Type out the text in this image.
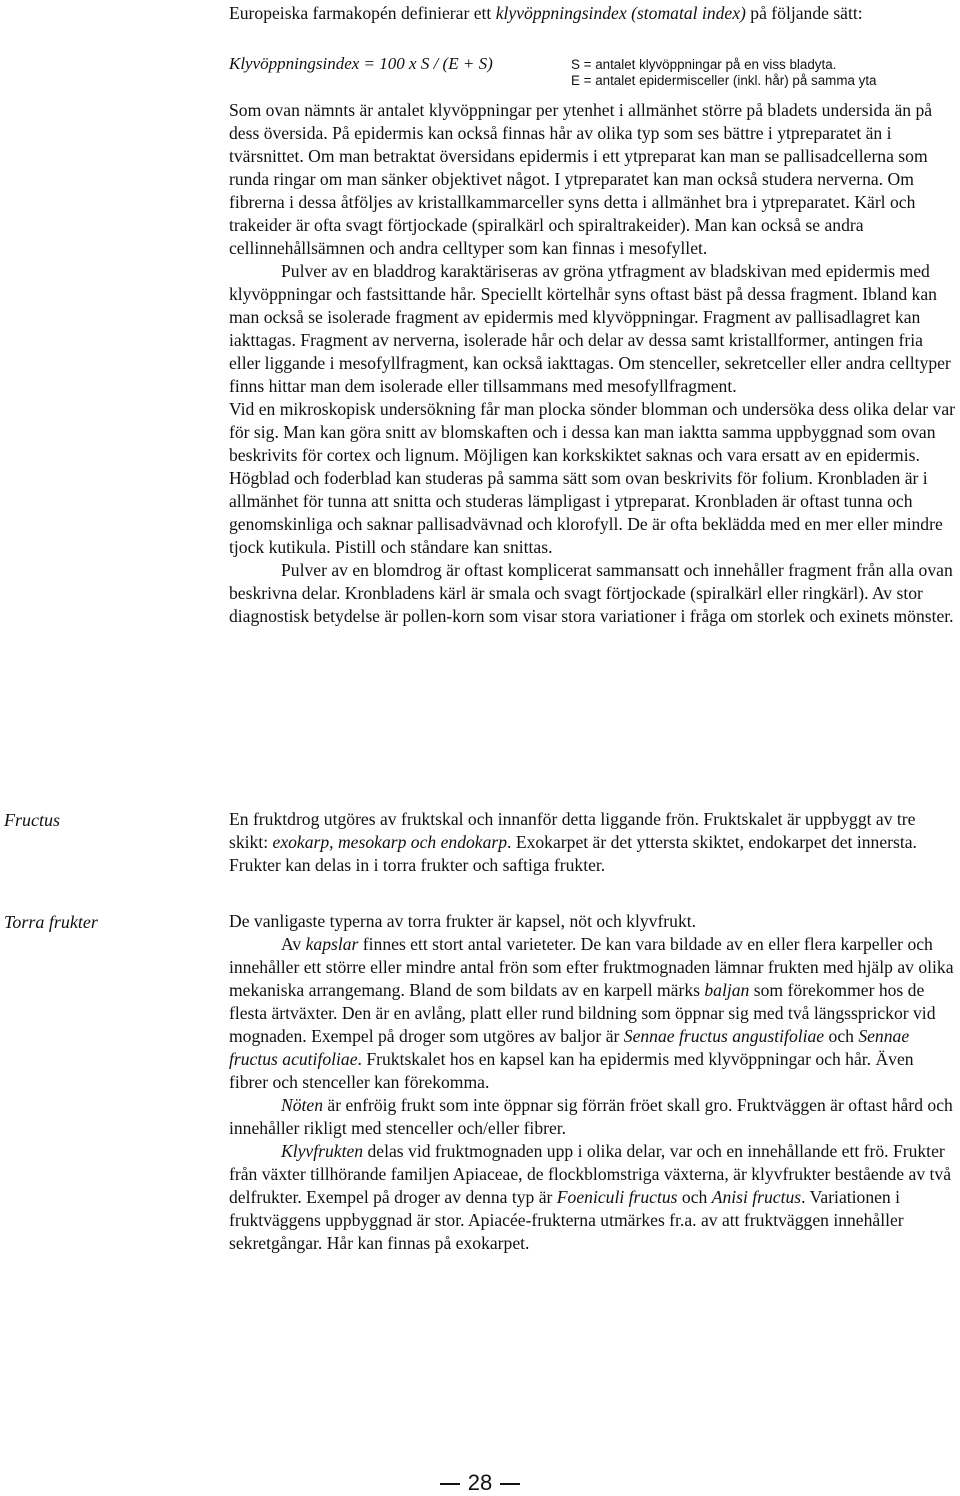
Europeiska farmakopén definierar ett klyvöppningsindex (stomatal index) på följande sätt:

Klyvöppningsindex = 100 x S / (E + S)	S = antalet klyvöppningar på en viss bladyta.
E = antalet epidermisceller (inkl. hår) på samma yta

Som ovan nämnts är antalet klyvöppningar per ytenhet i allmänhet större på bladets undersida än på dess översida. På epidermis kan också finnas hår av olika typ som ses bättre i ytpreparatet än i tvärsnittet. Om man betraktat översidans epidermis i ett ytpreparat kan man se pallisadcellerna som runda ringar om man sänker objektivet något. I ytpreparatet kan man också studera nerverna. Om fibrerna i dessa åtföljes av kristallkammarceller syns detta i allmänhet bra i ytpreparatet. Kärl och trakeider är ofta svagt förtjockade (spiralkärl och spiraltrakeider). Man kan också se andra cellinnehållsämnen och andra celltyper som kan finnas i mesofyllet.

Pulver av en bladdrog karaktäriseras av gröna ytfragment av bladskivan med epidermis med klyvöppningar och fastsittande hår. Speciellt körtelhår syns oftast bäst på dessa fragment. Ibland kan man också se isolerade fragment av epidermis med klyvöppningar. Fragment av pallisadlagret kan iakttagas. Fragment av nerverna, isolerade hår och delar av dessa samt kristallformer, antingen fria eller liggande i mesofyllfragment, kan också iakttagas. Om stenceller, sekretceller eller andra celltyper finns hittar man dem isolerade eller tillsammans med mesofyllfragment.

Vid en mikroskopisk undersökning får man plocka sönder blomman och undersöka dess olika delar var för sig. Man kan göra snitt av blomskaften och i dessa kan man iaktta samma uppbyggnad som ovan beskrivits för cortex och lignum. Möjligen kan korkskiktet saknas och vara ersatt av en epidermis. Högblad och foderblad kan studeras på samma sätt som ovan beskrivits för folium. Kronbladen är i allmänhet för tunna att snitta och studeras lämpligast i ytpreparat. Kronbladen är oftast tunna och genomskinliga och saknar pallisadvävnad och klorofyll. De är ofta beklädda med en mer eller mindre tjock kutikula. Pistill och ståndare kan snittas.

Pulver av en blomdrog är oftast komplicerat sammansatt och innehåller fragment från alla ovan beskrivna delar. Kronbladens kärl är smala och svagt förtjockade (spiralkärl eller ringkärl). Av stor diagnostisk betydelse är pollen-korn som visar stora variationer i fråga om storlek och exinets mönster.

Fructus
Torra frukter

En fruktdrog utgöres av fruktskal och innanför detta liggande frön. Fruktskalet är uppbyggt av tre skikt: exokarp, mesokarp och endokarp. Exokarpet är det yttersta skiktet, endokarpet det innersta. Frukter kan delas in i torra frukter och saftiga frukter.

De vanligaste typerna av torra frukter är kapsel, nöt och klyvfrukt.

Av kapslar finnes ett stort antal varieteter. De kan vara bildade av en eller flera karpeller och innehåller ett större eller mindre antal frön som efter fruktmognaden lämnar frukten med hjälp av olika mekaniska arrangemang. Bland de som bildats av en karpell märks baljan som förekommer hos de flesta ärtväxter. Den är en avlång, platt eller rund bildning som öppnar sig med två längssprickor vid mognaden. Exempel på droger som utgöres av baljor är Sennae fructus angustifoliae och Sennae fructus acutifoliae. Fruktskalet hos en kapsel kan ha epidermis med klyvöppningar och hår. Även fibrer och stenceller kan förekomma.

Nöten är enfröig frukt som inte öppnar sig förrän fröet skall gro. Fruktväggen är oftast hård och innehåller rikligt med stenceller och/eller fibrer.

Klyvfrukten delas vid fruktmognaden upp i olika delar, var och en innehållande ett frö. Frukter från växter tillhörande familjen Apiaceae, de flockblomstriga växterna, är klyvfrukter bestående av två delfrukter. Exempel på droger av denna typ är Foeniculi fructus och Anisi fructus. Variationen i fruktväggens uppbyggnad är stor. Apiacée-frukterna utmärkes fr.a. av att fruktväggen innehåller sekretgångar. Hår kan finnas på exokarpet.

28
